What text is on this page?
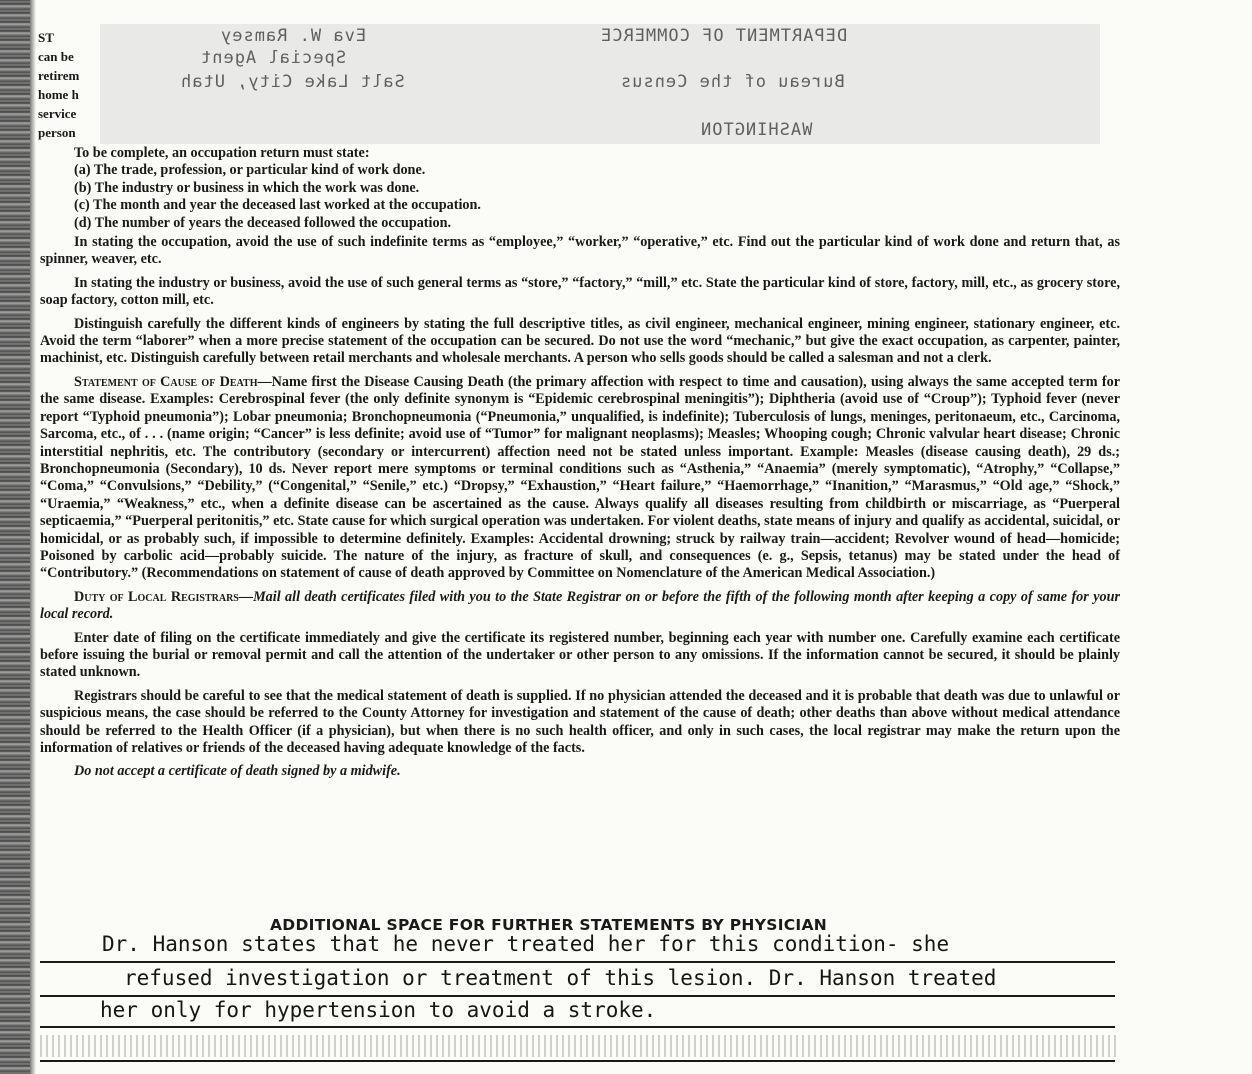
Eva W. Ramsey
Special Agent
Salt Lake City, Utah
DEPARTMENT OF COMMERCE
Bureau of the Census
WASHINGTON
ST
can be
retirem
home h
service
person
To be complete, an occupation return must state:
(a) The trade, profession, or particular kind of work done.
(b) The industry or business in which the work was done.
(c) The month and year the deceased last worked at the occupation.
(d) The number of years the deceased followed the occupation.

In stating the occupation, avoid the use of such indefinite terms as “employee,” “worker,” “operative,” etc. Find out the particular kind of work done and return that, as spinner, weaver, etc.

In stating the industry or business, avoid the use of such general terms as “store,” “factory,” “mill,” etc. State the particular kind of store, factory, mill, etc., as grocery store, soap factory, cotton mill, etc.

Distinguish carefully the different kinds of engineers by stating the full descriptive titles, as civil engineer, mechanical engineer, mining engineer, stationary engineer, etc. Avoid the term “laborer” when a more precise statement of the occupation can be secured. Do not use the word “mechanic,” but give the exact occupation, as carpenter, painter, machinist, etc. Distinguish carefully between retail merchants and wholesale merchants. A person who sells goods should be called a salesman and not a clerk.

Statement of Cause of Death—Name first the Disease Causing Death (the primary affection with respect to time and causation), using always the same accepted term for the same disease. Examples: Cerebrospinal fever (the only definite synonym is “Epidemic cerebrospinal meningitis”); Diphtheria (avoid use of “Croup”); Typhoid fever (never report “Typhoid pneumonia”); Lobar pneumonia; Bronchopneumonia (“Pneumonia,” unqualified, is indefinite); Tuberculosis of lungs, meninges, peritonaeum, etc., Carcinoma, Sarcoma, etc., of . . . (name origin; “Cancer” is less definite; avoid use of “Tumor” for malignant neoplasms); Measles; Whooping cough; Chronic valvular heart disease; Chronic interstitial nephritis, etc. The contributory (secondary or intercurrent) affection need not be stated unless important. Example: Measles (disease causing death), 29 ds.; Bronchopneumonia (Secondary), 10 ds. Never report mere symptoms or terminal conditions such as “Asthenia,” “Anaemia” (merely symptomatic), “Atrophy,” “Collapse,” “Coma,” “Convulsions,” “Debility,” (“Congenital,” “Senile,” etc.) “Dropsy,” “Exhaustion,” “Heart failure,” “Haemorrhage,” “Inanition,” “Marasmus,” “Old age,” “Shock,” “Uraemia,” “Weakness,” etc., when a definite disease can be ascertained as the cause. Always qualify all diseases resulting from childbirth or miscarriage, as “Puerperal septicaemia,” “Puerperal peritonitis,” etc. State cause for which surgical operation was undertaken. For violent deaths, state means of injury and qualify as accidental, suicidal, or homicidal, or as probably such, if impossible to determine definitely. Examples: Accidental drowning; struck by railway train—accident; Revolver wound of head—homicide; Poisoned by carbolic acid—probably suicide. The nature of the injury, as fracture of skull, and consequences (e. g., Sepsis, tetanus) may be stated under the head of “Contributory.” (Recommendations on statement of cause of death approved by Committee on Nomenclature of the American Medical Association.)

Duty of Local Registrars—Mail all death certificates filed with you to the State Registrar on or before the fifth of the following month after keeping a copy of same for your local record.

Enter date of filing on the certificate immediately and give the certificate its registered number, beginning each year with number one. Carefully examine each certificate before issuing the burial or removal permit and call the attention of the undertaker or other person to any omissions. If the information cannot be secured, it should be plainly stated unknown.

Registrars should be careful to see that the medical statement of death is supplied. If no physician attended the deceased and it is probable that death was due to unlawful or suspicious means, the case should be referred to the County Attorney for investigation and statement of the cause of death; other deaths than above without medical attendance should be referred to the Health Officer (if a physician), but when there is no such health officer, and only in such cases, the local registrar may make the return upon the information of relatives or friends of the deceased having adequate knowledge of the facts.

Do not accept a certificate of death signed by a midwife.

ADDITIONAL SPACE FOR FURTHER STATEMENTS BY PHYSICIAN
Dr. Hanson states that he never treated her for this condition- she
refused investigation or treatment of this lesion. Dr. Hanson treated
her only for hypertension to avoid a stroke.
